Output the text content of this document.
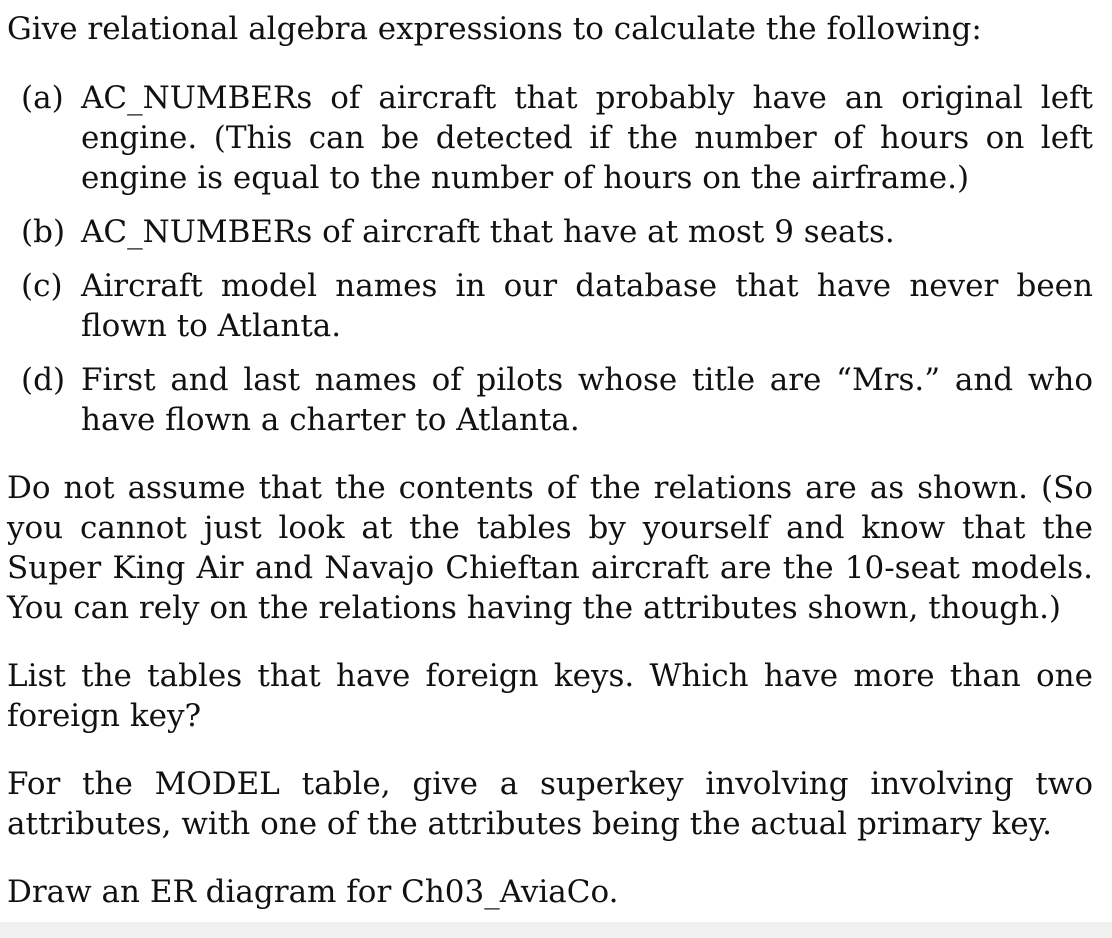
Give relational algebra expressions to calculate the following:

(a) AC_NUMBERs of aircraft that probably have an original left engine. (This can be detected if the number of hours on left engine is equal to the number of hours on the airframe.)
(b) AC_NUMBERs of aircraft that have at most 9 seats.
(c) Aircraft model names in our database that have never been flown to Atlanta.
(d) First and last names of pilots whose title are “Mrs.” and who have flown a charter to Atlanta.

Do not assume that the contents of the relations are as shown. (So you cannot just look at the tables by yourself and know that the Super King Air and Navajo Chieftan aircraft are the 10-seat models. You can rely on the relations having the attributes shown, though.)

List the tables that have foreign keys. Which have more than one foreign key?

For the MODEL table, give a superkey involving involving two attributes, with one of the attributes being the actual primary key.

Draw an ER diagram for Ch03_AviaCo.
